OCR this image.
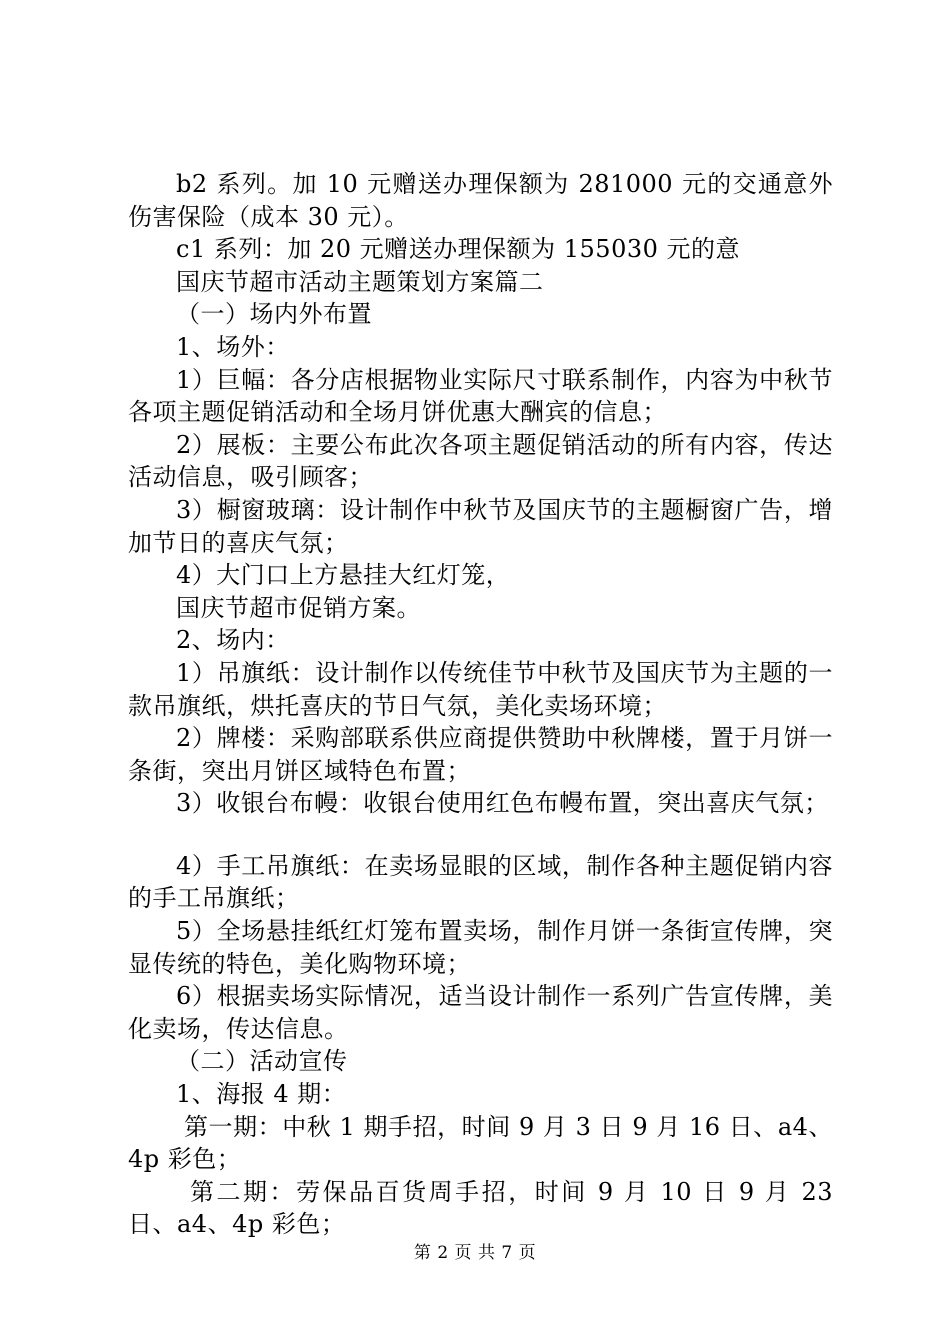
b2 系列。加 10 元赠送办理保额为 281000 元的交通意外伤害保险（成本 30 元）。

c1 系列：加 20 元赠送办理保额为 155030 元的意

国庆节超市活动主题策划方案篇二

（一）场内外布置

1、场外：

1）巨幅：各分店根据物业实际尺寸联系制作，内容为中秋节各项主题促销活动和全场月饼优惠大酬宾的信息；

2）展板：主要公布此次各项主题促销活动的所有内容，传达活动信息，吸引顾客；

3）橱窗玻璃：设计制作中秋节及国庆节的主题橱窗广告，增加节日的喜庆气氛；

4）大门口上方悬挂大红灯笼，

国庆节超市促销方案。

2、场内：

1）吊旗纸：设计制作以传统佳节中秋节及国庆节为主题的一款吊旗纸，烘托喜庆的节日气氛，美化卖场环境；

2）牌楼：采购部联系供应商提供赞助中秋牌楼，置于月饼一条街，突出月饼区域特色布置；

3）收银台布幔：收银台使用红色布幔布置，突出喜庆气氛；

4）手工吊旗纸：在卖场显眼的区域，制作各种主题促销内容的手工吊旗纸；

5）全场悬挂纸红灯笼布置卖场，制作月饼一条街宣传牌，突显传统的特色，美化购物环境；

6）根据卖场实际情况，适当设计制作一系列广告宣传牌，美化卖场，传达信息。

（二）活动宣传

1、海报 4 期：

第一期：中秋 1 期手招，时间 9 月 3 日 9 月 16 日、a4、4p 彩色；

第二期：劳保品百货周手招，时间 9 月 10 日 9 月 23 日、a4、4p 彩色；

第 2 页 共 7 页
